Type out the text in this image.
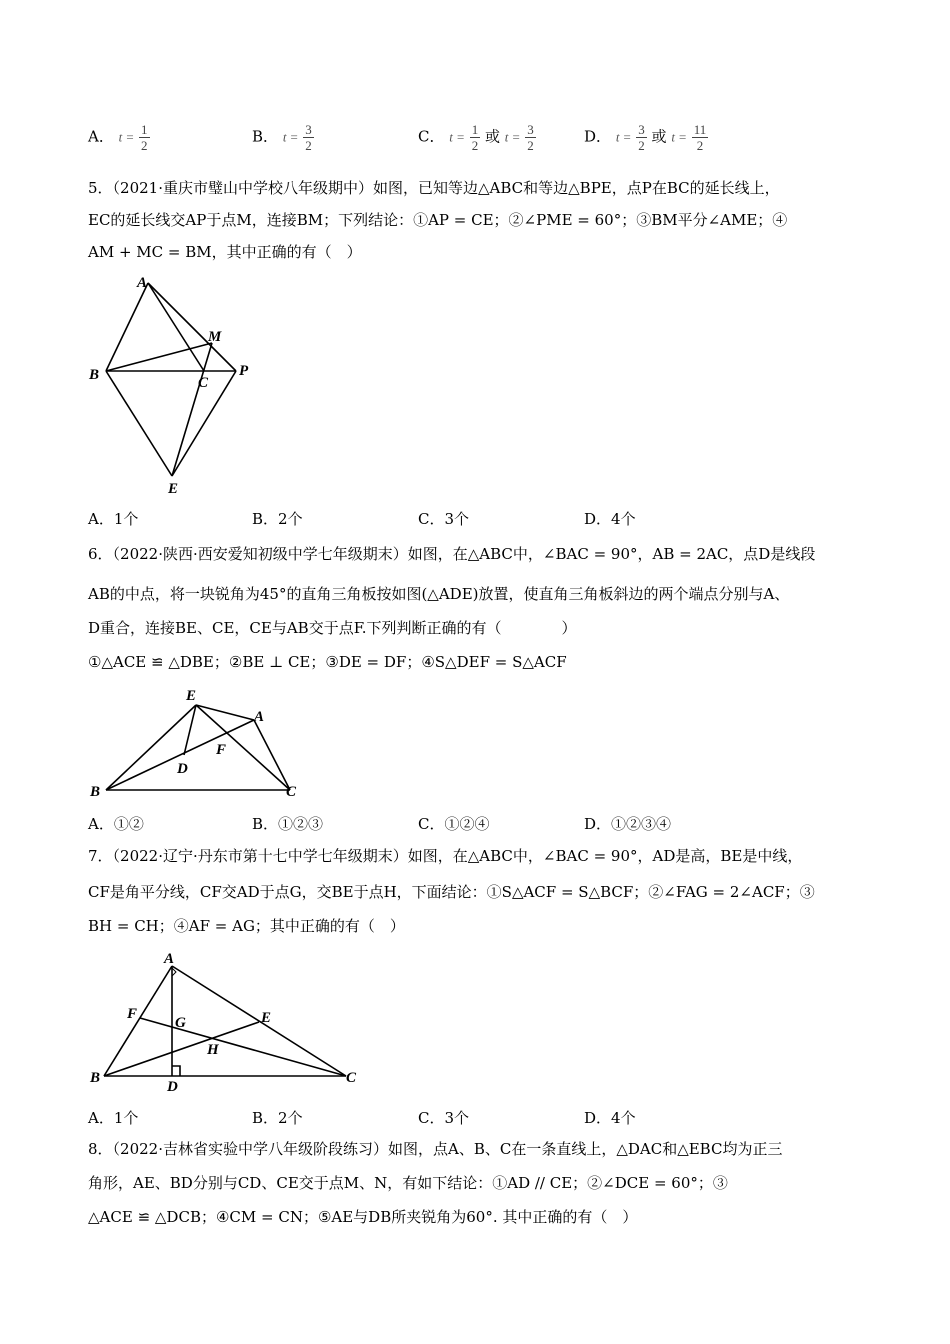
A． $t = \frac{1}{2}$	B． $t = \frac{3}{2}$	C． $t = \frac{1}{2}$ 或 $t = \frac{3}{2}$	D． $t = \frac{3}{2}$ 或 $t = \frac{11}{2}$
5．（2021·重庆市璧山中学校八年级期中）如图，已知等边△ABC和等边△BPE，点P在BC的延长线上，
EC的延长线交AP于点M，连接BM；下列结论：①AP = CE；②∠PME = 60°；③BM平分∠AME；④
AM + MC = BM，其中正确的有（　）
A
M
B	C
P
E
A．1个	B．2个	C．3个	D．4个
6．（2022·陕西·西安爱知初级中学七年级期末）如图，在△ABC中，∠BAC = 90°，AB = 2AC，点D是线段
AB的中点，将一块锐角为45°的直角三角板按如图(△ADE)放置，使直角三角板斜边的两个端点分别与A、
D重合，连接BE、CE，CE与AB交于点F.下列判断正确的有（　　　　）
①△ACE ≌ △DBE；②BE ⊥ CE；③DE = DF；④S△DEF = S△ACF
E
A
F
D
B	C
A．①②	B．①②③	C．①②④	D．①②③④
7．（2022·辽宁·丹东市第十七中学七年级期末）如图，在△ABC中，∠BAC = 90°，AD是高，BE是中线，
CF是角平分线，CF交AD于点G，交BE于点H，下面结论：①S△ACF = S△BCF；②∠FAG = 2∠ACF；③
BH = CH；④AF = AG；其中正确的有（　）
A
F
G	E
H
B
D
C
A．1个	B．2个	C．3个	D．4个
8．（2022·吉林省实验中学八年级阶段练习）如图，点A、B、C在一条直线上，△DAC和△EBC均为正三
角形，AE、BD分别与CD、CE交于点M、N，有如下结论：①AD // CE；②∠DCE = 60°；③
△ACE ≌ △DCB；④CM = CN；⑤AE与DB所夹锐角为60°. 其中正确的有（　）
